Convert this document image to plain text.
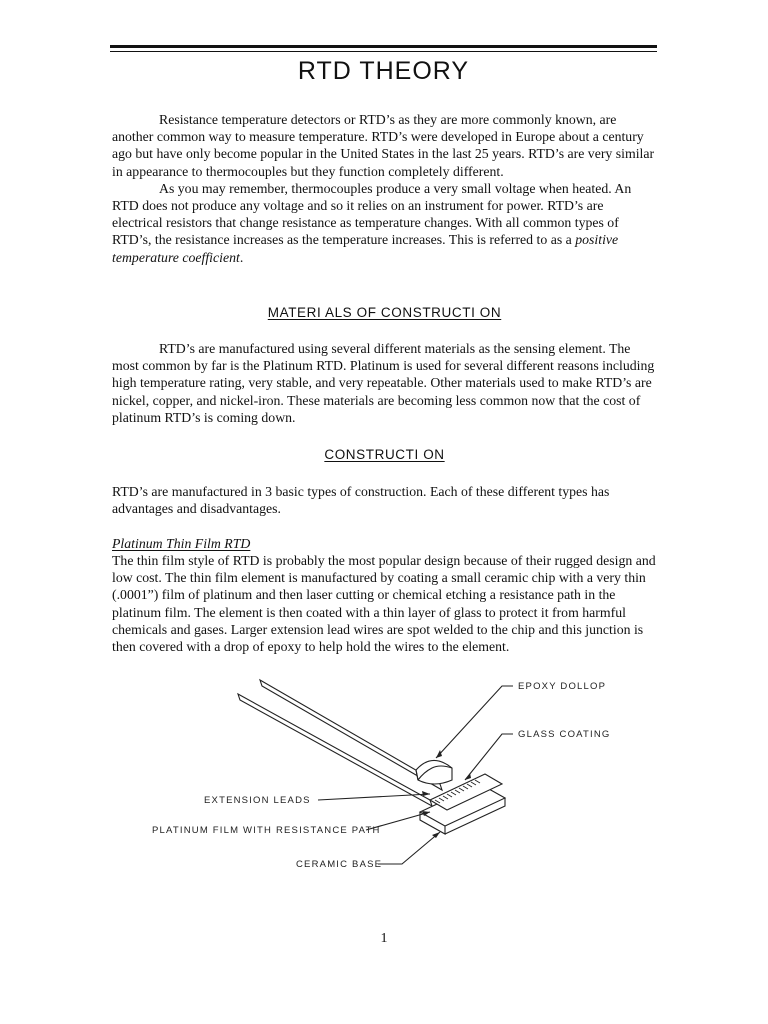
RTD THEORY

Resistance temperature detectors or RTD’s as they are more commonly known, are another common way to measure temperature. RTD’s were developed in Europe about a century ago but have only become popular in the United States in the last 25 years. RTD’s are very similar in appearance to thermocouples but they function completely different.

As you may remember, thermocouples produce a very small voltage when heated. An RTD does not produce any voltage and so it relies on an instrument for power. RTD’s are electrical resistors that change resistance as temperature changes. With all common types of RTD’s, the resistance increases as the temperature increases. This is referred to as a positive temperature coefficient.

MATERI ALS OF CONSTRUCTI ON

RTD’s are manufactured using several different materials as the sensing element. The most common by far is the Platinum RTD. Platinum is used for several different reasons including high temperature rating, very stable, and very repeatable. Other materials used to make RTD’s are nickel, copper, and nickel-iron. These materials are becoming less common now that the cost of platinum RTD’s is coming down.

CONSTRUCTI ON

RTD’s are manufactured in 3 basic types of construction. Each of these different types has advantages and disadvantages.

Platinum Thin Film RTD

The thin film style of RTD is probably the most popular design because of their rugged design and low cost. The thin film element is manufactured by coating a small ceramic chip with a very thin (.0001”) film of platinum and then laser cutting or chemical etching a resistance path in the platinum film. The element is then coated with a thin layer of glass to protect it from harmful chemicals and gases. Larger extension lead wires are spot welded to the chip and this junction is then covered with a drop of epoxy to help hold the wires to the element.

EPOXY DOLLOP
GLASS COATING
EXTENSION LEADS
PLATINUM FILM WITH RESISTANCE PATH
CERAMIC BASE
1
